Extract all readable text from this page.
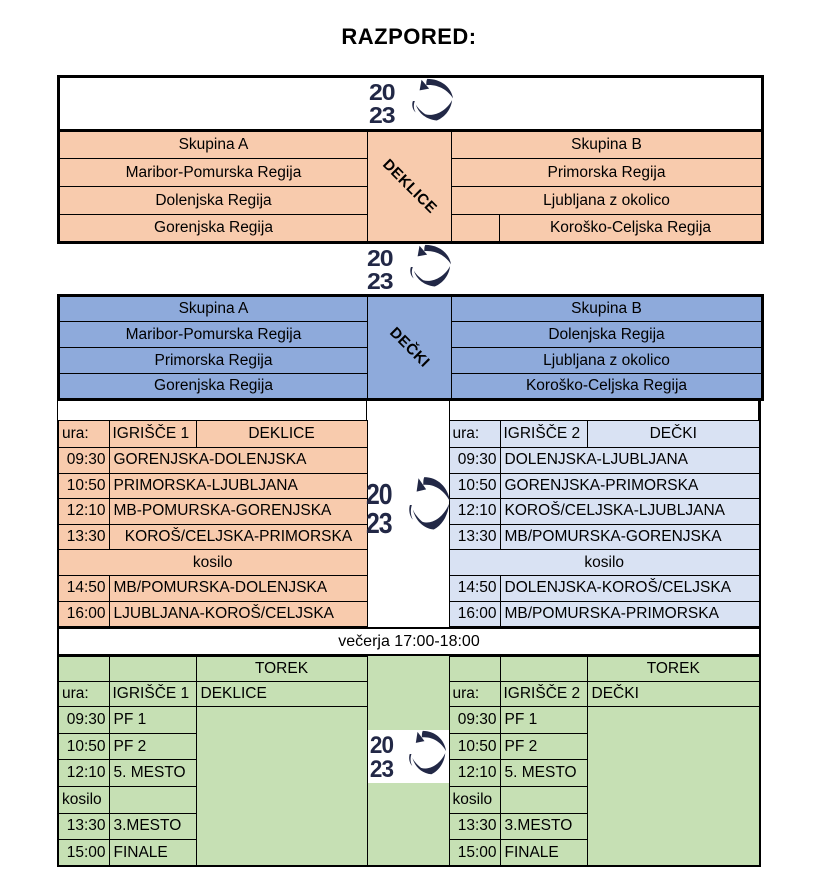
RAZPORED:
20
23			

Skupina A	DEKLICE	Skupina B	
Maribor-Pomurska Regija		Primorska Regija	
Dolenjska Regija		Ljubljana z okolico	
Gorenjska Regija			Koroško-Celjska Regija
20
23
Skupina A	DEČKI	Skupina B
Maribor-Pomurska Regija		Dolenjska Regija
Primorska Regija		Ljubljana z okolico
Gorenjska Regija		Koroško-Celjska Regija
ura:	IGRIŠČE 1	DEKLICE
09:30	GORENJSKA-DOLENJSKA	
10:50	PRIMORSKA-LJUBLJANA	
12:10	MB-POMURSKA-GORENJSKA	
13:30	KOROŠ/CELJSKA-PRIMORSKA	
kosilo		
14:50	MB/POMURSKA-DOLENJSKA	
16:00	LJUBLJANA-KOROŠ/CELJSKA	
20
23
ura:	IGRIŠČE 2	DEČKI
09:30	DOLENJSKA-LJUBLJANA	
10:50	GORENJSKA-PRIMORSKA	
12:10	KOROŠ/CELJSKA-LJUBLJANA	
13:30	MB/POMURSKA-GORENJSKA	
kosilo		
14:50	DOLENJSKA-KOROŠ/CELJSKA	
16:00	MB/POMURSKA-PRIMORSKA	
večerja 17:00-18:00
		TOREK
ura:	IGRIŠČE 1	DEKLICE
09:30	PF 1	
10:50	PF 2	
12:10	5. MESTO	
kosilo		
13:30	3.MESTO	
15:00	FINALE	
20
23
		TOREK
ura:	IGRIŠČE 2	DEČKI
09:30	PF 1	
10:50	PF 2	
12:10	5. MESTO	
kosilo		
13:30	3.MESTO	
15:00	FINALE	
